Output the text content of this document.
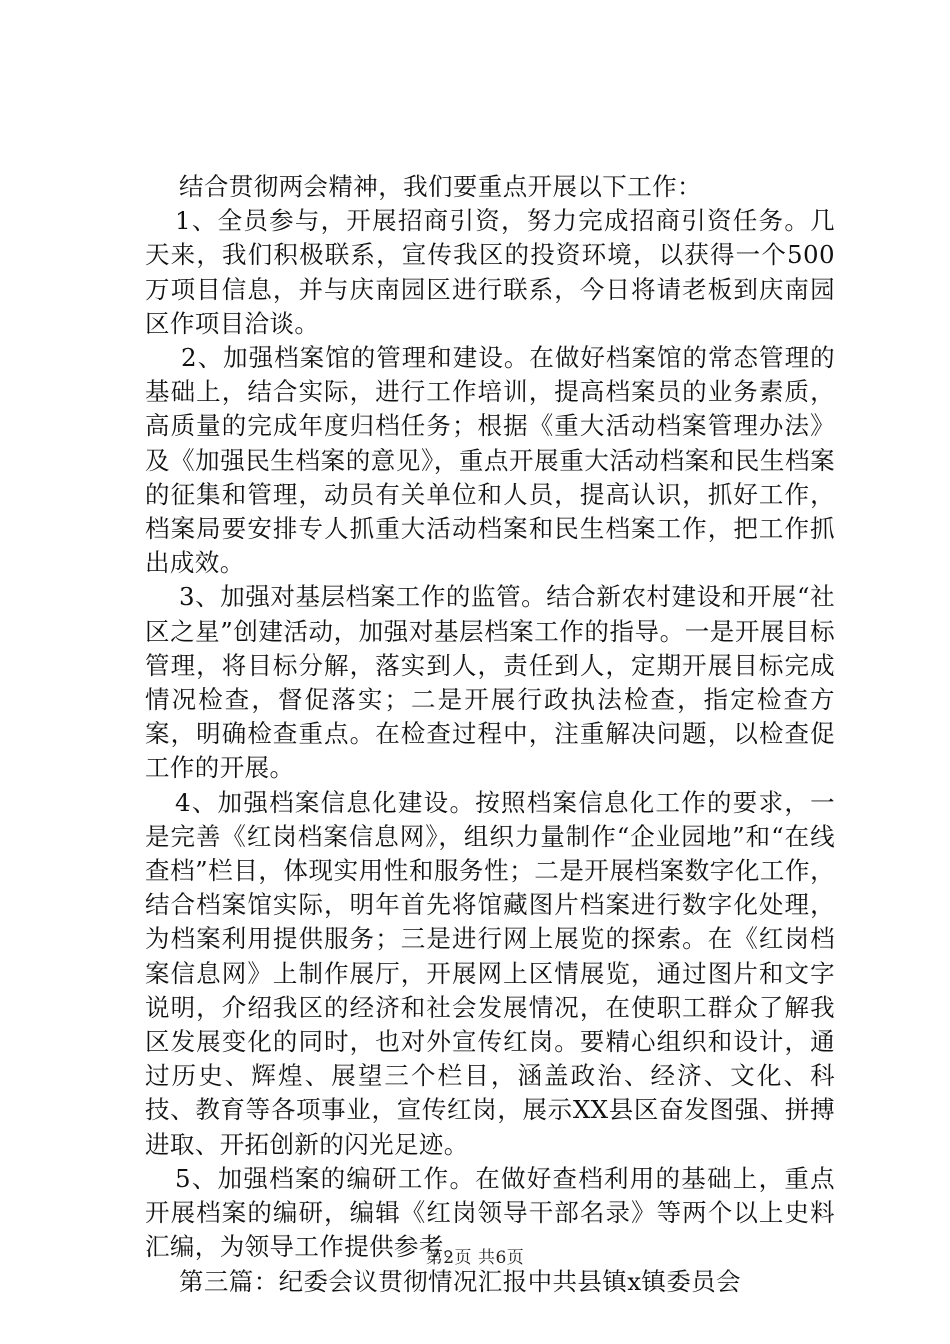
结合贯彻两会精神，我们要重点开展以下工作：

1、全员参与，开展招商引资，努力完成招商引资任务。几天来，我们积极联系，宣传我区的投资环境，以获得一个500万项目信息，并与庆南园区进行联系，今日将请老板到庆南园区作项目洽谈。

2、加强档案馆的管理和建设。在做好档案馆的常态管理的基础上，结合实际，进行工作培训，提高档案员的业务素质，高质量的完成年度归档任务；根据《重大活动档案管理办法》及《加强民生档案的意见》，重点开展重大活动档案和民生档案的征集和管理，动员有关单位和人员，提高认识，抓好工作，档案局要安排专人抓重大活动档案和民生档案工作，把工作抓出成效。

3、加强对基层档案工作的监管。结合新农村建设和开展“社区之星”创建活动，加强对基层档案工作的指导。一是开展目标管理，将目标分解，落实到人，责任到人，定期开展目标完成情况检查，督促落实；二是开展行政执法检查，指定检查方案，明确检查重点。在检查过程中，注重解决问题，以检查促工作的开展。

4、加强档案信息化建设。按照档案信息化工作的要求，一是完善《红岗档案信息网》，组织力量制作“企业园地”和“在线查档”栏目，体现实用性和服务性；二是开展档案数字化工作，结合档案馆实际，明年首先将馆藏图片档案进行数字化处理，为档案利用提供服务；三是进行网上展览的探索。在《红岗档案信息网》上制作展厅，开展网上区情展览，通过图片和文字说明，介绍我区的经济和社会发展情况，在使职工群众了解我区发展变化的同时，也对外宣传红岗。要精心组织和设计，通过历史、辉煌、展望三个栏目，涵盖政治、经济、文化、科技、教育等各项事业，宣传红岗，展示XX县区奋发图强、拼搏进取、开拓创新的闪光足迹。

5、加强档案的编研工作。在做好查档利用的基础上，重点开展档案的编研，编辑《红岗领导干部名录》等两个以上史料汇编，为领导工作提供参考。

第三篇：纪委会议贯彻情况汇报中共县镇x镇委员会

第2页 共6页
